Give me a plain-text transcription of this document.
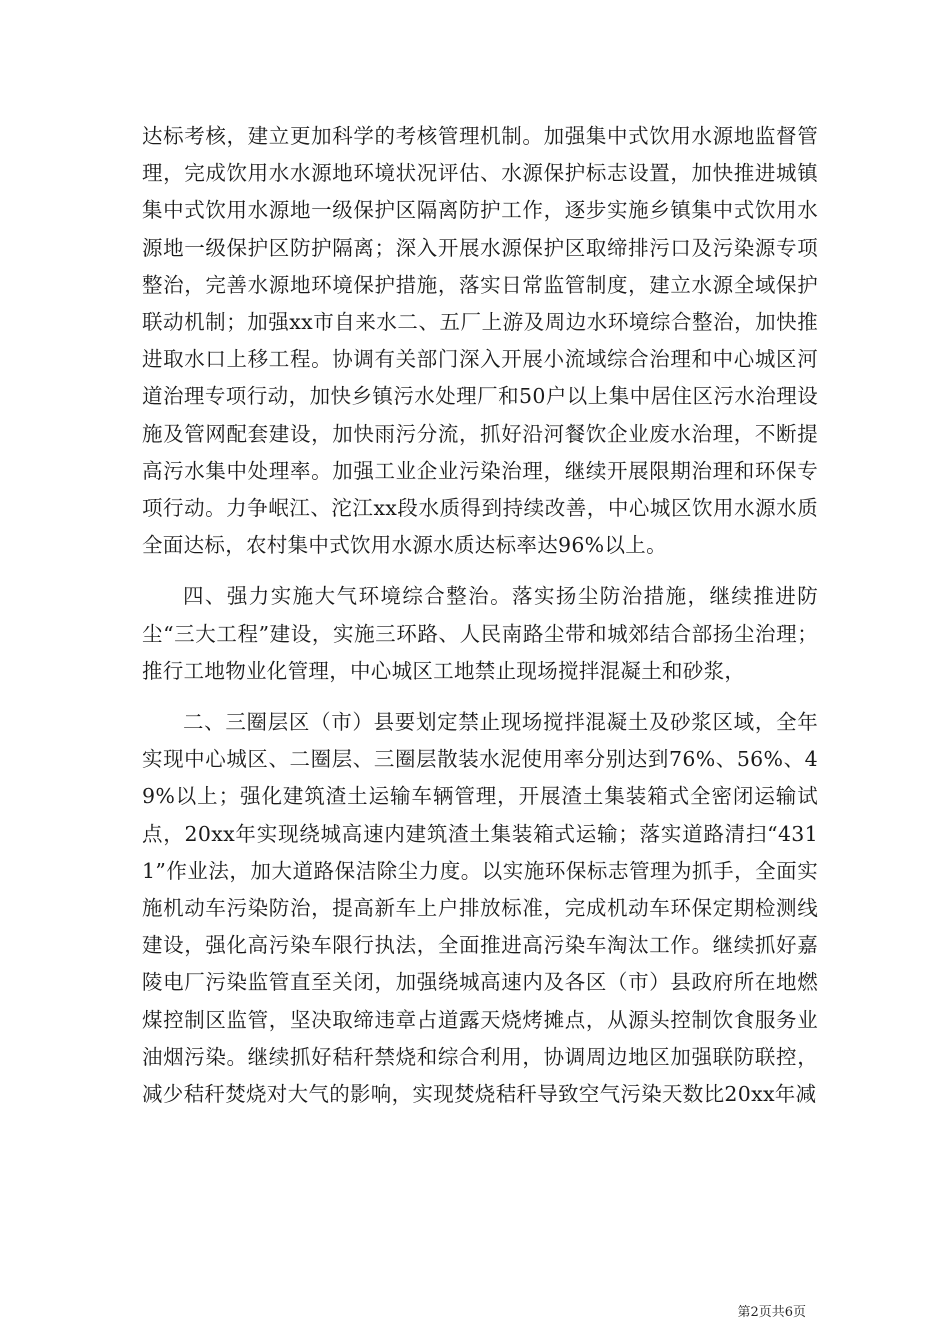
达标考核，建立更加科学的考核管理机制。加强集中式饮用水源地监督管理，完成饮用水水源地环境状况评估、水源保护标志设置，加快推进城镇集中式饮用水源地一级保护区隔离防护工作，逐步实施乡镇集中式饮用水源地一级保护区防护隔离；深入开展水源保护区取缔排污口及污染源专项整治，完善水源地环境保护措施，落实日常监管制度，建立水源全域保护联动机制；加强xx市自来水二、五厂上游及周边水环境综合整治，加快推进取水口上移工程。协调有关部门深入开展小流域综合治理和中心城区河道治理专项行动，加快乡镇污水处理厂和50户以上集中居住区污水治理设施及管网配套建设，加快雨污分流，抓好沿河餐饮企业废水治理，不断提高污水集中处理率。加强工业企业污染治理，继续开展限期治理和环保专项行动。力争岷江、沱江xx段水质得到持续改善，中心城区饮用水源水质全面达标，农村集中式饮用水源水质达标率达96%以上。

四、强力实施大气环境综合整治。落实扬尘防治措施，继续推进防尘“三大工程”建设，实施三环路、人民南路尘带和城郊结合部扬尘治理；推行工地物业化管理，中心城区工地禁止现场搅拌混凝土和砂浆，

二、三圈层区（市）县要划定禁止现场搅拌混凝土及砂浆区域，全年实现中心城区、二圈层、三圈层散装水泥使用率分别达到76%、56%、49%以上；强化建筑渣土运输车辆管理，开展渣土集装箱式全密闭运输试点，20xx年实现绕城高速内建筑渣土集装箱式运输；落实道路清扫“4311”作业法，加大道路保洁除尘力度。以实施环保标志管理为抓手，全面实施机动车污染防治，提高新车上户排放标准，完成机动车环保定期检测线建设，强化高污染车限行执法，全面推进高污染车淘汰工作。继续抓好嘉陵电厂污染监管直至关闭，加强绕城高速内及各区（市）县政府所在地燃煤控制区监管，坚决取缔违章占道露天烧烤摊点，从源头控制饮食服务业油烟污染。继续抓好秸秆禁烧和综合利用，协调周边地区加强联防联控，减少秸秆焚烧对大气的影响，实现焚烧秸秆导致空气污染天数比20xx年减

第2页共6页
